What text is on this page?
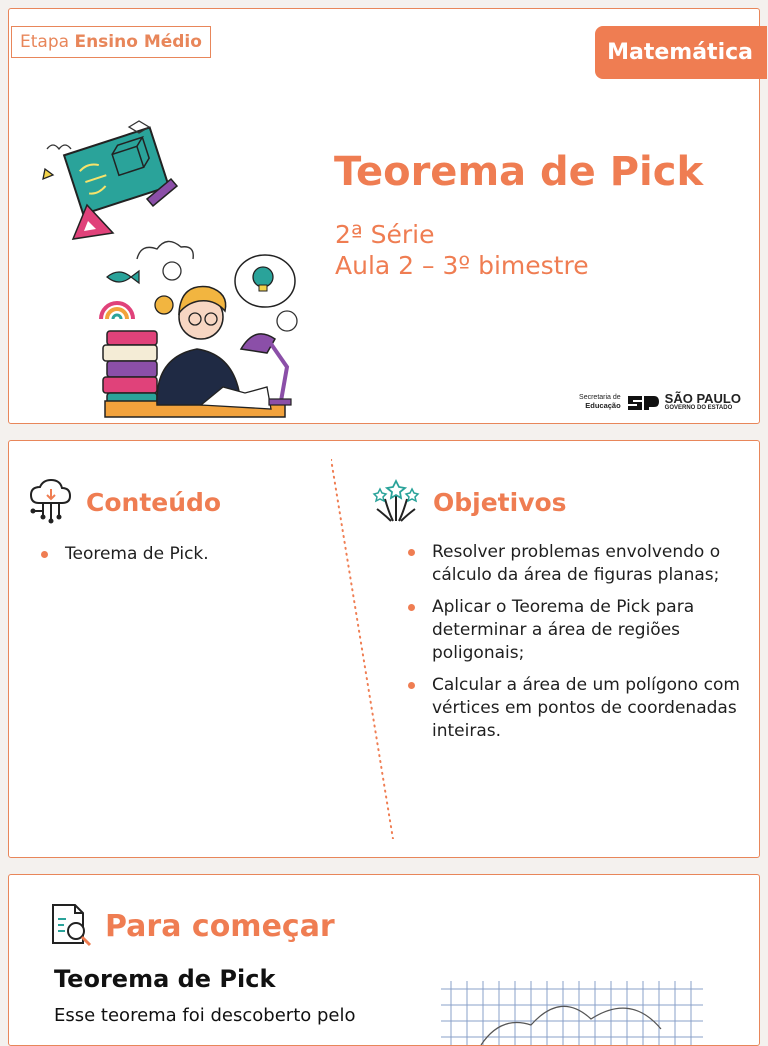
Etapa Ensino Médio	Matemática
Teorema de Pick
2ª Série
Aula 2 – 3º bimestre
Secretaria de
Educação	SÃO PAULO
GOVERNO DO ESTADO
Conteúdo
Teorema de Pick.
Objetivos
Resolver problemas envolvendo o cálculo da área de figuras planas;
Aplicar o Teorema de Pick para determinar a área de regiões poligonais;
Calcular a área de um polígono com vértices em pontos de coordenadas inteiras.
Para começar
Teorema de Pick
Esse teorema foi descoberto pelo
